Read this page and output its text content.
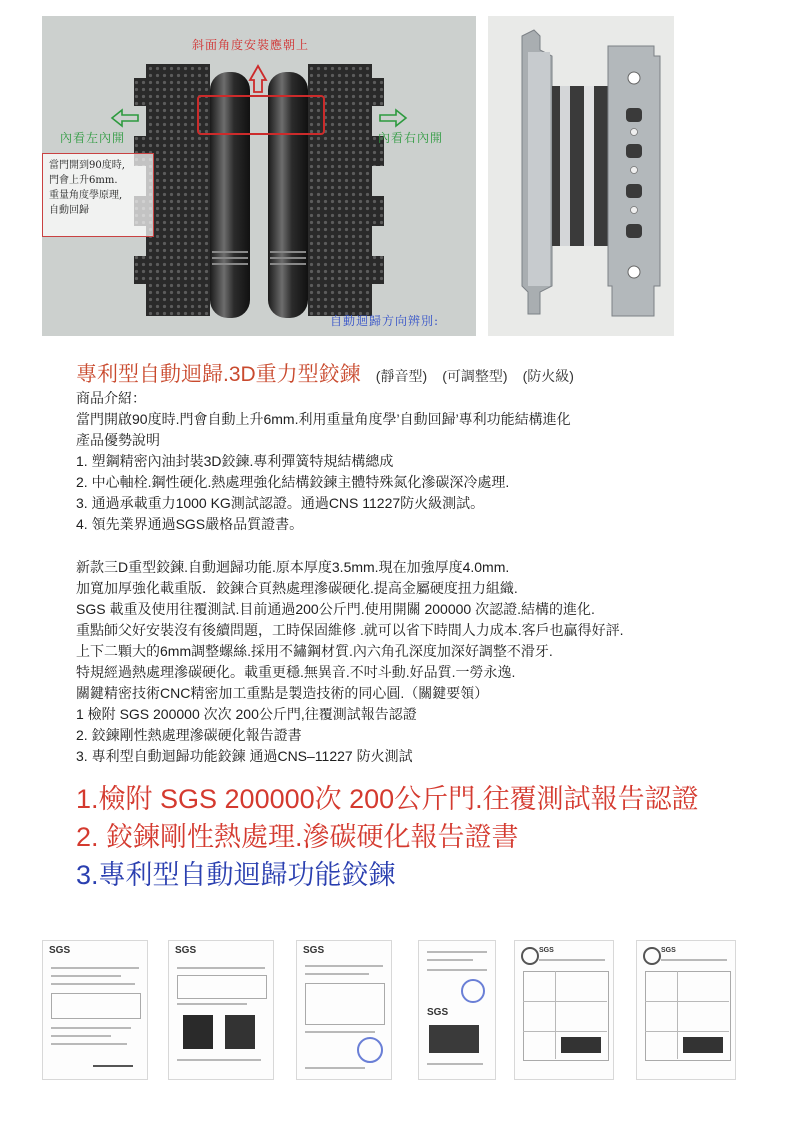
斜面角度安裝應朝上
內看左內開	內看右內開
當門開到90度時,
門會上升6mm.
重量角度學原理,
自動回歸
自動迴歸方向辨別:
專利型自動迴歸.3D重力型鉸鍊 (靜音型) (可調整型) (防火級)
商品介紹：
當門開啟90度時.門會自動上升6mm.利用重量角度學’自動回歸’專利功能結構進化
產品優勢說明
1. 塑鋼精密內油封裝3D鉸鍊.專利彈簧特規結構總成
2. 中心軸栓.鋼性硬化.熱處理強化結構鉸鍊主體特殊氮化滲碳深冷處理.
3. 通過承載重力1000 KG測試認證。通過CNS 11227防火級測試。
4. 領先業界通過SGS嚴格品質證書。
新款三D重型鉸鍊.自動迴歸功能.原本厚度3.5mm.現在加強厚度4.0mm.
加寬加厚強化載重版．鉸鍊合頁熱處理滲碳硬化.提高金屬硬度扭力組織.
SGS 載重及使用往覆測試.目前通過200公斤門.使用開關 200000 次認證.結構的進化.
重點師父好安裝沒有後續問題，工時保固維修 .就可以省下時間人力成本.客戶也贏得好評.
上下二顆大的6mm調整螺絲.採用不鏽鋼材質.內六角孔深度加深好調整不滑牙.
特規經過熱處理滲碳硬化。載重更穩.無異音.不吋斗動.好品質.一勞永逸.
關鍵精密技術CNC精密加工重點是製造技術的同心圓.（關鍵要領）
1 檢附 SGS 200000 次次 200公斤門,往覆測試報告認證
2. 鉸鍊剛性熱處理滲碳硬化報告證書
3. 專利型自動迴歸功能鉸鍊 通過CNS–11227 防火測試
1.檢附 SGS 200000次 200公斤門.往覆測試報告認證
2. 鉸鍊剛性熱處理.滲碳硬化報告證書
3.專利型自動迴歸功能鉸鍊
SGS	SGS	SGS
SGS
SGS	SGS
